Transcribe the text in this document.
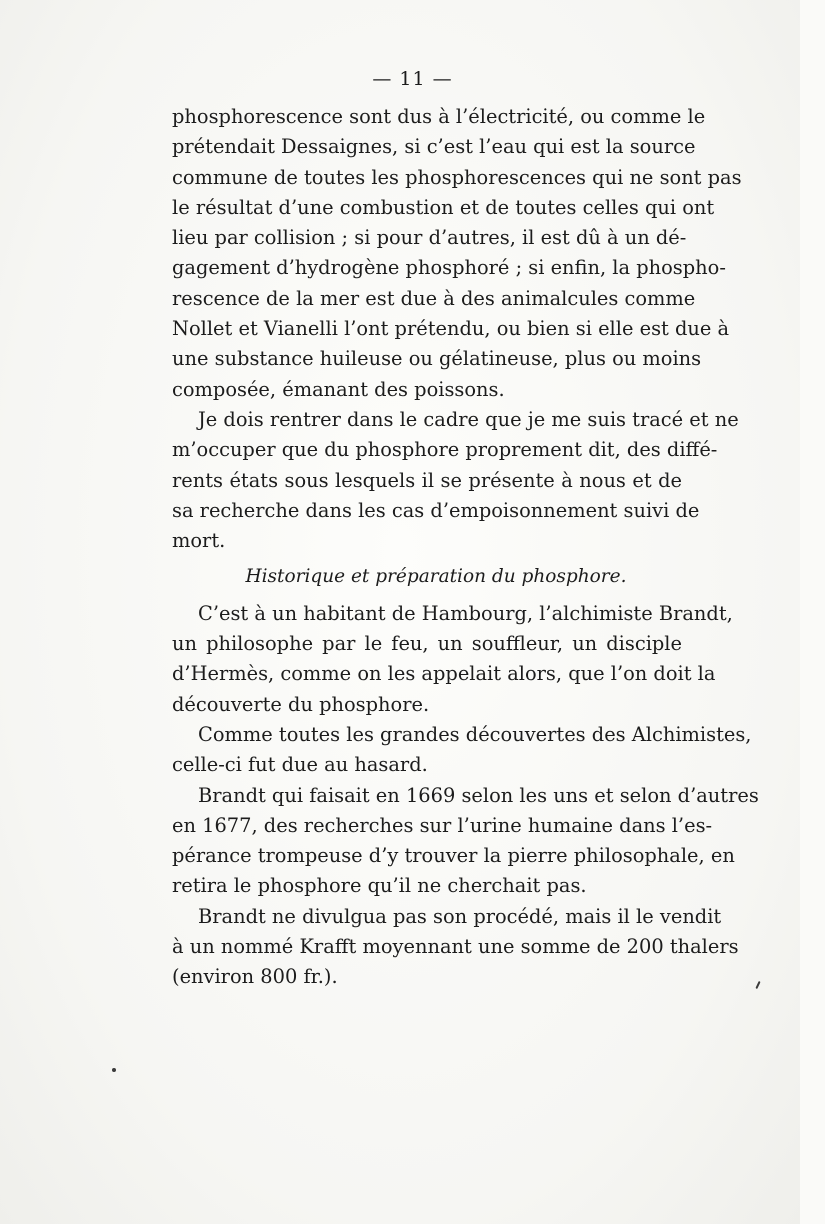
— 11 —
phosphorescence sont dus à l’électricité, ou comme le
prétendait Dessaignes, si c’est l’eau qui est la source
commune de toutes les phosphorescences qui ne sont pas
le résultat d’une combustion et de toutes celles qui ont
lieu par collision ; si pour d’autres, il est dû à un dé-
gagement d’hydrogène phosphoré ; si enfin, la phospho-
rescence de la mer est due à des animalcules comme
Nollet et Vianelli l’ont prétendu, ou bien si elle est due à
une substance huileuse ou gélatineuse, plus ou moins
composée, émanant des poissons.
Je dois rentrer dans le cadre que je me suis tracé et ne
m’occuper que du phosphore proprement dit, des diffé-
rents états sous lesquels il se présente à nous et de
sa recherche dans les cas d’empoisonnement suivi de
mort.
Historique et préparation du phosphore.
C’est à un habitant de Hambourg, l’alchimiste Brandt,
un philosophe par le feu, un souffleur, un disciple
d’Hermès, comme on les appelait alors, que l’on doit la
découverte du phosphore.
Comme toutes les grandes découvertes des Alchimistes,
celle-ci fut due au hasard.
Brandt qui faisait en 1669 selon les uns et selon d’autres
en 1677, des recherches sur l’urine humaine dans l’es-
pérance trompeuse d’y trouver la pierre philosophale, en
retira le phosphore qu’il ne cherchait pas.
Brandt ne divulgua pas son procédé, mais il le vendit
à un nommé Krafft moyennant une somme de 200 thalers
(environ 800 fr.).
